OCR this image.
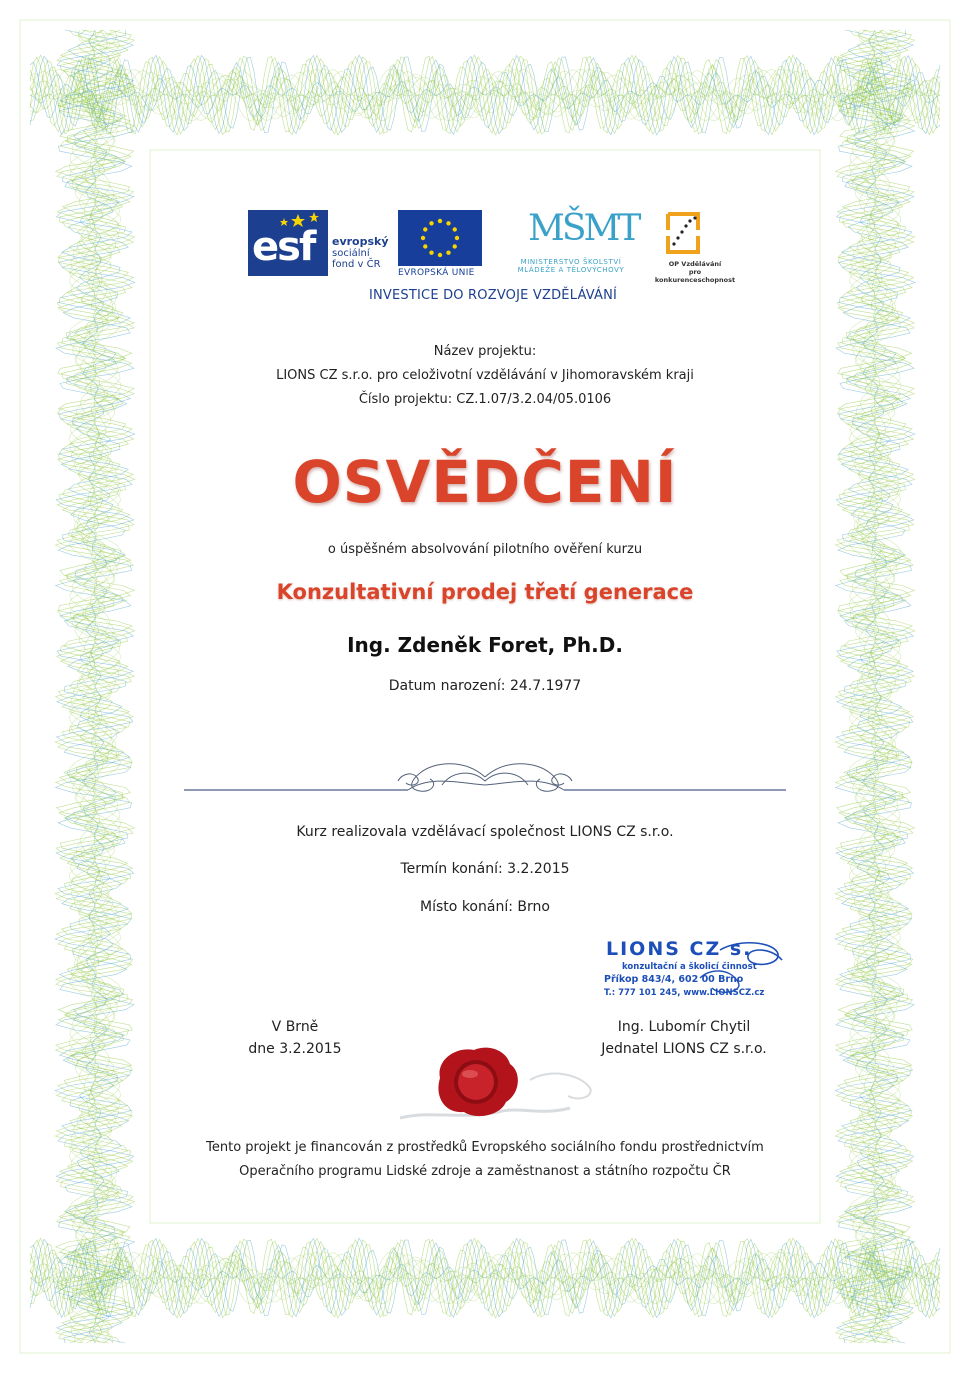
esf evropský
sociální
fond v ČR
EVROPSKÁ UNIE
MŠMT
MINISTERSTVO ŠKOLSTVÍ
MLÁDEŽE A TĚLOVÝCHOVY
OP Vzdělávání
pro konkurenceschopnost
INVESTICE DO ROZVOJE VZDĚLÁVÁNÍ
Název projektu:
LIONS CZ s.r.o. pro celoživotní vzdělávání v Jihomoravském kraji
Číslo projektu: CZ.1.07/3.2.04/05.0106
OSVĚDČENÍ
o úspěšném absolvování pilotního ověření kurzu
Konzultativní prodej třetí generace
Ing. Zdeněk Foret, Ph.D.
Datum narození: 24.7.1977
Kurz realizovala vzdělávací společnost LIONS CZ s.r.o.
Termín konání: 3.2.2015
Místo konání: Brno
LIONS CZ s.
konzultační a školicí činnost
Příkop 843/4, 602 00 Brno
T.: 777 101 245, www.LIONSCZ.cz
V Brně
dne 3.2.2015
Ing. Lubomír Chytil
Jednatel LIONS CZ s.r.o.
Tento projekt je financován z prostředků Evropského sociálního fondu prostřednictvím
Operačního programu Lidské zdroje a zaměstnanost a státního rozpočtu ČR
